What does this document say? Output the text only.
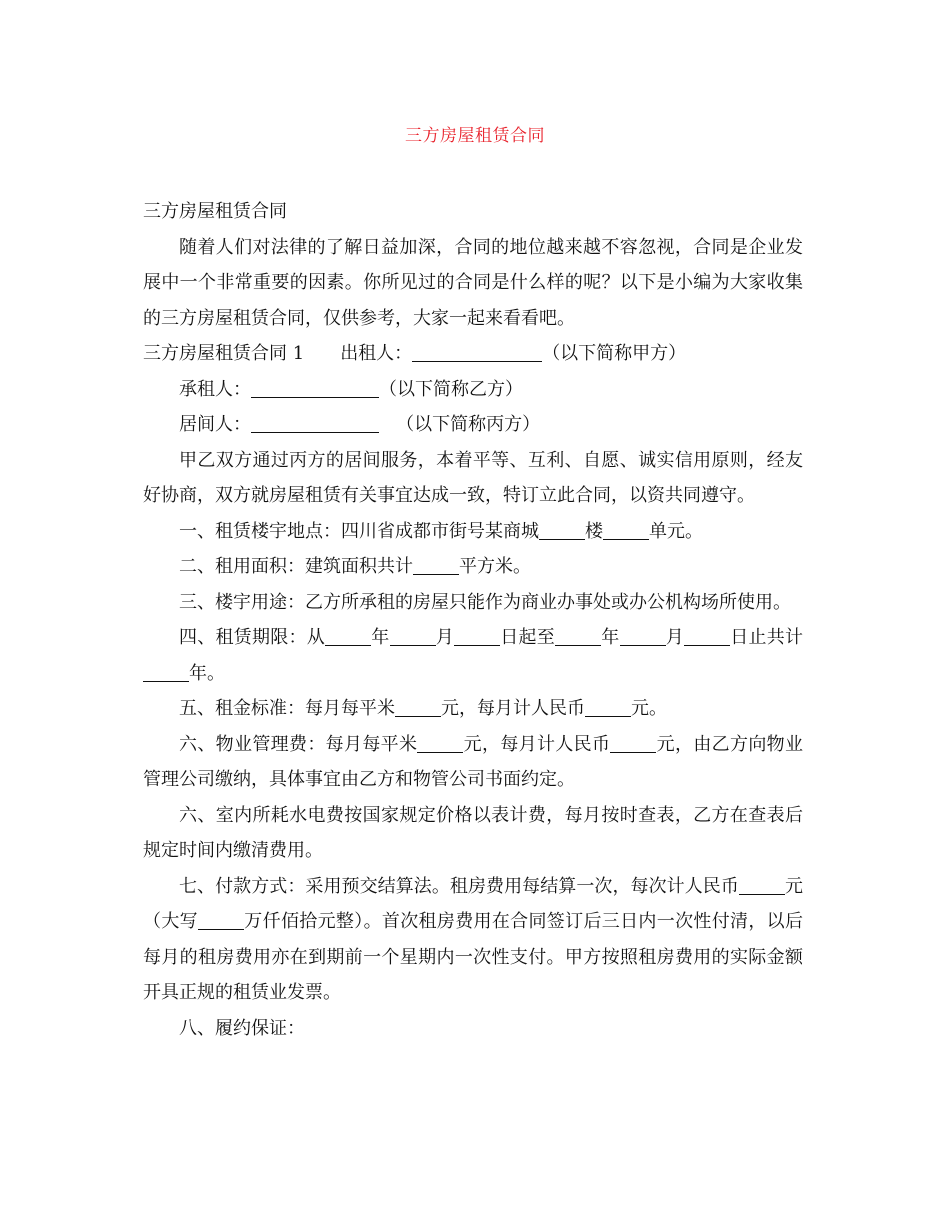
三方房屋租赁合同

三方房屋租赁合同

随着人们对法律的了解日益加深，合同的地位越来越不容忽视，合同是企业发展中一个非常重要的因素。你所见过的合同是什么样的呢？以下是小编为大家收集的三方房屋租赁合同，仅供参考，大家一起来看看吧。

三方房屋租赁合同 1 出租人：	（以下简称甲方）

承租人：	（以下简称乙方）

居间人：	（以下简称丙方）

甲乙双方通过丙方的居间服务，本着平等、互利、自愿、诚实信用原则，经友好协商，双方就房屋租赁有关事宜达成一致，特订立此合同，以资共同遵守。

一、租赁楼宇地点：四川省成都市街号某商城	楼	单元。

二、租用面积：建筑面积共计	平方米。

三、楼宇用途：乙方所承租的房屋只能作为商业办事处或办公机构场所使用。

四、租赁期限：从	年	月	日起至	年	月	日止共计年。

五、租金标准：每月每平米	元，每月计人民币	元。

六、物业管理费：每月每平米	元，每月计人民币	元，由乙方向物业管理公司缴纳，具体事宜由乙方和物管公司书面约定。

六、室内所耗水电费按国家规定价格以表计费，每月按时查表，乙方在查表后规定时间内缴清费用。

七、付款方式：采用预交结算法。租房费用每结算一次，每次计人民币	元（大写	万仟佰拾元整）。首次租房费用在合同签订后三日内一次性付清，以后每月的租房费用亦在到期前一个星期内一次性支付。甲方按照租房费用的实际金额开具正规的租赁业发票。

八、履约保证：
